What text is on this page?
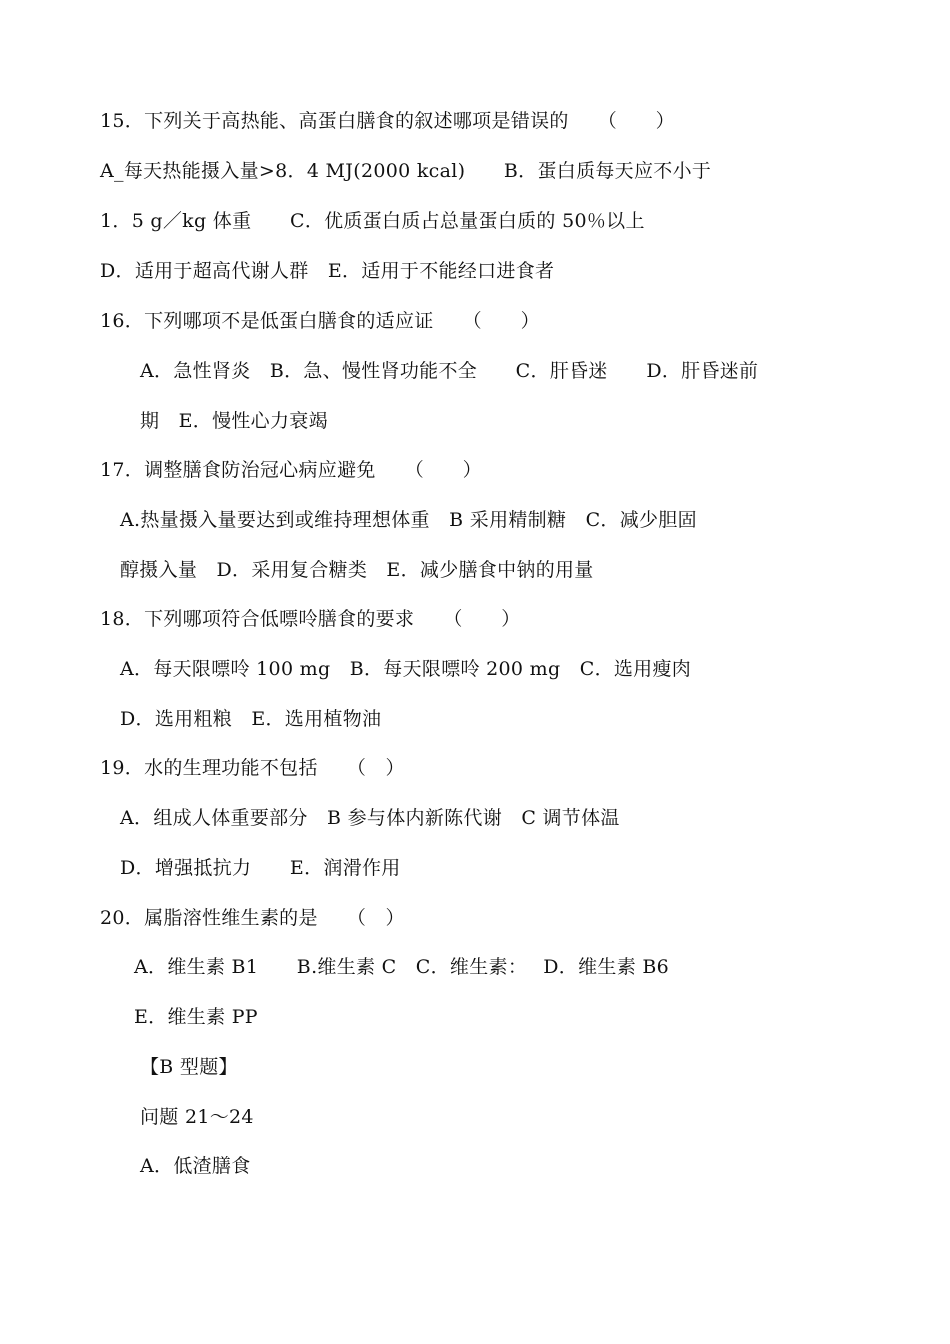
15．下列关于高热能、高蛋白膳食的叙述哪项是错误的　　（　　）
A_每天热能摄入量>8．4 MJ(2000 kcal)　　B．蛋白质每天应不小于
1．5 g／kg 体重　　C．优质蛋白质占总量蛋白质的 50％以上
D．适用于超高代谢人群　E．适用于不能经口进食者
16．下列哪项不是低蛋白膳食的适应证　　（　　）
A．急性肾炎　B．急、慢性肾功能不全　　C．肝昏迷　　D．肝昏迷前
期　E．慢性心力衰竭
17．调整膳食防治冠心病应避免　　（　　）
A.热量摄入量要达到或维持理想体重　B 采用精制糖　C．减少胆固
醇摄入量　D．采用复合糖类　E．减少膳食中钠的用量
18．下列哪项符合低嘌呤膳食的要求　　（　　）
A．每天限嘌呤 100 mg　B．每天限嘌呤 200 mg　C．选用瘦肉
D．选用粗粮　E．选用植物油
19．水的生理功能不包括　　（　）
A．组成人体重要部分　B 参与体内新陈代谢　C 调节体温
D．增强抵抗力　　E．润滑作用
20．属脂溶性维生素的是　　（　）
A．维生素 B1　　B.维生素 C　C．维生素：　 D．维生素 B6
E．维生素 PP
【B 型题】
问题 21～24
A．低渣膳食
